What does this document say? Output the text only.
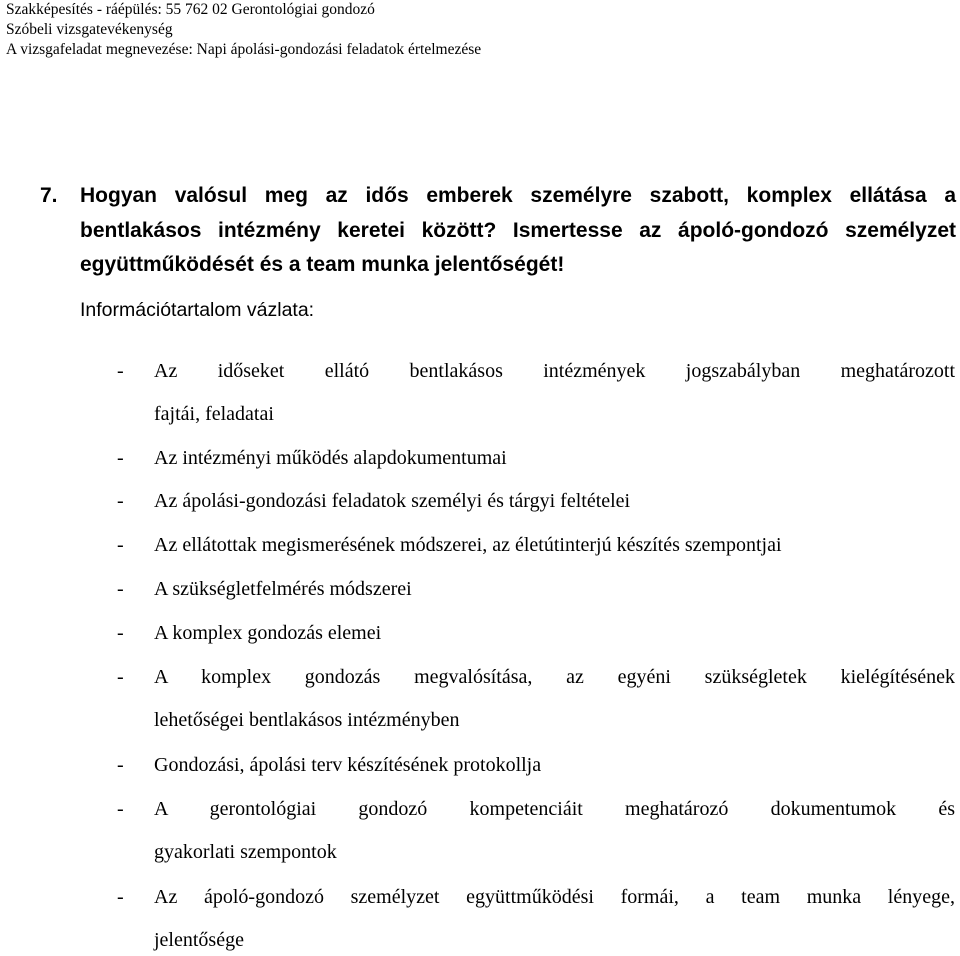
Szakképesítés - ráépülés: 55 762 02 Gerontológiai gondozó
Szóbeli vizsgatevékenység
A vizsgafeladat megnevezése: Napi ápolási-gondozási feladatok értelmezése
7. Hogyan valósul meg az idős emberek személyre szabott, komplex ellátása a
bentlakásos intézmény keretei között? Ismertesse az ápoló-gondozó személyzet
együttműködését és a team munka jelentőségét!
Információtartalom vázlata:
-	Az időseket ellátó bentlakásos intézmények jogszabályban meghatározott
fajtái, feladatai
-	Az intézményi működés alapdokumentumai
-	Az ápolási-gondozási feladatok személyi és tárgyi feltételei
-	Az ellátottak megismerésének módszerei, az életútinterjú készítés szempontjai
-	A szükségletfelmérés módszerei
-	A komplex gondozás elemei
-	A komplex gondozás megvalósítása, az egyéni szükségletek kielégítésének
lehetőségei bentlakásos intézményben
-	Gondozási, ápolási terv készítésének protokollja
-	A gerontológiai gondozó kompetenciáit meghatározó dokumentumok és
gyakorlati szempontok
-	Az ápoló-gondozó személyzet együttműködési formái, a team munka lényege,
jelentősége
